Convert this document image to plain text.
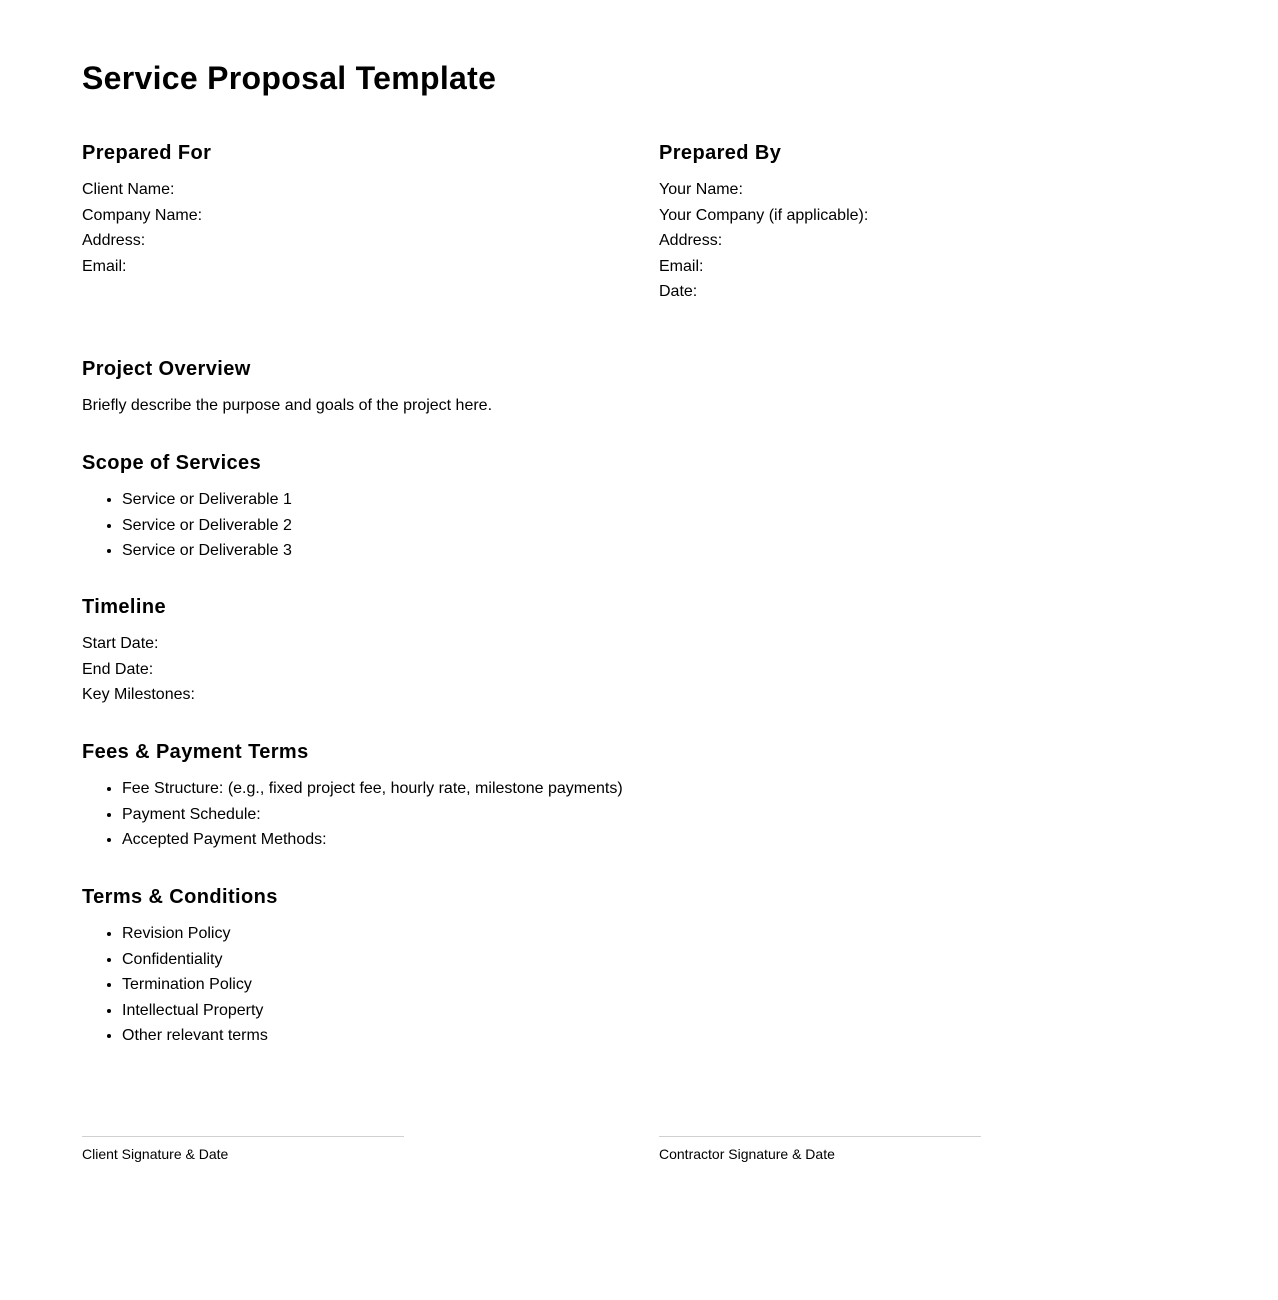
Service Proposal Template
Prepared For

Client Name:

Company Name:

Address:

Email:

Prepared By

Your Name:

Your Company (if applicable):

Address:

Email:

Date:

Project Overview

Briefly describe the purpose and goals of the project here.

Scope of Services
• Service or Deliverable 1
• Service or Deliverable 2
• Service or Deliverable 3
Timeline

Start Date:

End Date:

Key Milestones:

Fees & Payment Terms
• Fee Structure: (e.g., fixed project fee, hourly rate, milestone payments)
• Payment Schedule:
• Accepted Payment Methods:
Terms & Conditions
• Revision Policy
• Confidentiality
• Termination Policy
• Intellectual Property
• Other relevant terms
Client Signature & Date	Contractor Signature & Date
